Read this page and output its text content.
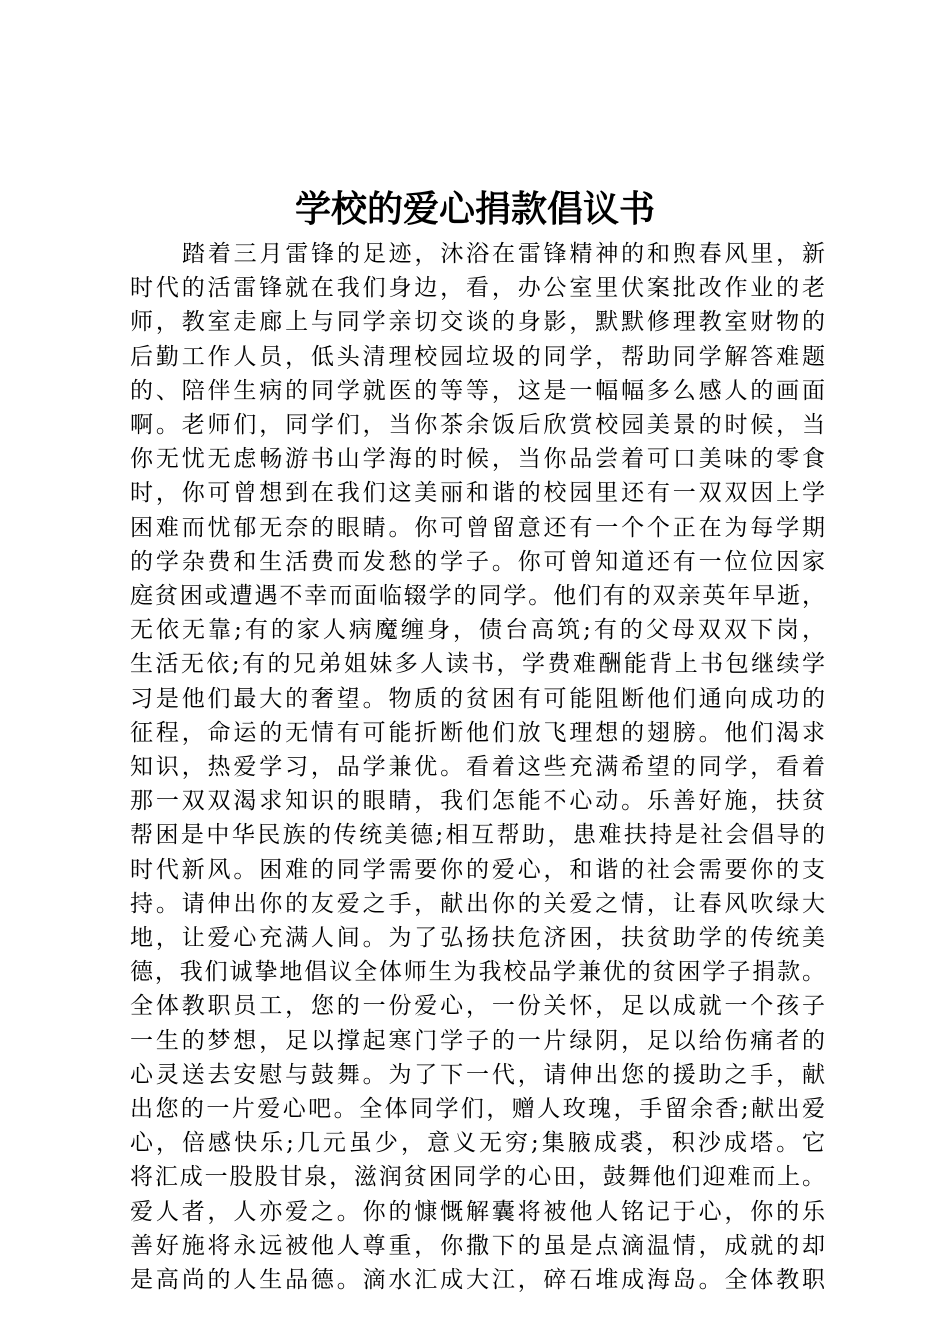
学校的爱心捐款倡议书
踏着三月雷锋的足迹，沐浴在雷锋精神的和煦春风里，新
时代的活雷锋就在我们身边，看，办公室里伏案批改作业的老
师，教室走廊上与同学亲切交谈的身影，默默修理教室财物的
后勤工作人员，低头清理校园垃圾的同学，帮助同学解答难题
的、陪伴生病的同学就医的等等，这是一幅幅多么感人的画面
啊。老师们，同学们，当你茶余饭后欣赏校园美景的时候，当
你无忧无虑畅游书山学海的时候，当你品尝着可口美味的零食
时，你可曾想到在我们这美丽和谐的校园里还有一双双因上学
困难而忧郁无奈的眼睛。你可曾留意还有一个个正在为每学期
的学杂费和生活费而发愁的学子。你可曾知道还有一位位因家
庭贫困或遭遇不幸而面临辍学的同学。他们有的双亲英年早逝，
无依无靠;有的家人病魔缠身，债台高筑;有的父母双双下岗，
生活无依;有的兄弟姐妹多人读书，学费难酬能背上书包继续学
习是他们最大的奢望。物质的贫困有可能阻断他们通向成功的
征程，命运的无情有可能折断他们放飞理想的翅膀。他们渴求
知识，热爱学习，品学兼优。看着这些充满希望的同学，看着
那一双双渴求知识的眼睛，我们怎能不心动。乐善好施，扶贫
帮困是中华民族的传统美德;相互帮助，患难扶持是社会倡导的
时代新风。困难的同学需要你的爱心，和谐的社会需要你的支
持。请伸出你的友爱之手，献出你的关爱之情，让春风吹绿大
地，让爱心充满人间。为了弘扬扶危济困，扶贫助学的传统美
德，我们诚挚地倡议全体师生为我校品学兼优的贫困学子捐款。
全体教职员工，您的一份爱心，一份关怀，足以成就一个孩子
一生的梦想，足以撑起寒门学子的一片绿阴，足以给伤痛者的
心灵送去安慰与鼓舞。为了下一代，请伸出您的援助之手，献
出您的一片爱心吧。全体同学们，赠人玫瑰，手留余香;献出爱
心，倍感快乐;几元虽少，意义无穷;集腋成裘，积沙成塔。它
将汇成一股股甘泉，滋润贫困同学的心田，鼓舞他们迎难而上。
爱人者，人亦爱之。你的慷慨解囊将被他人铭记于心，你的乐
善好施将永远被他人尊重，你撒下的虽是点滴温情，成就的却
是高尚的人生品德。滴水汇成大江，碎石堆成海岛。全体教职
